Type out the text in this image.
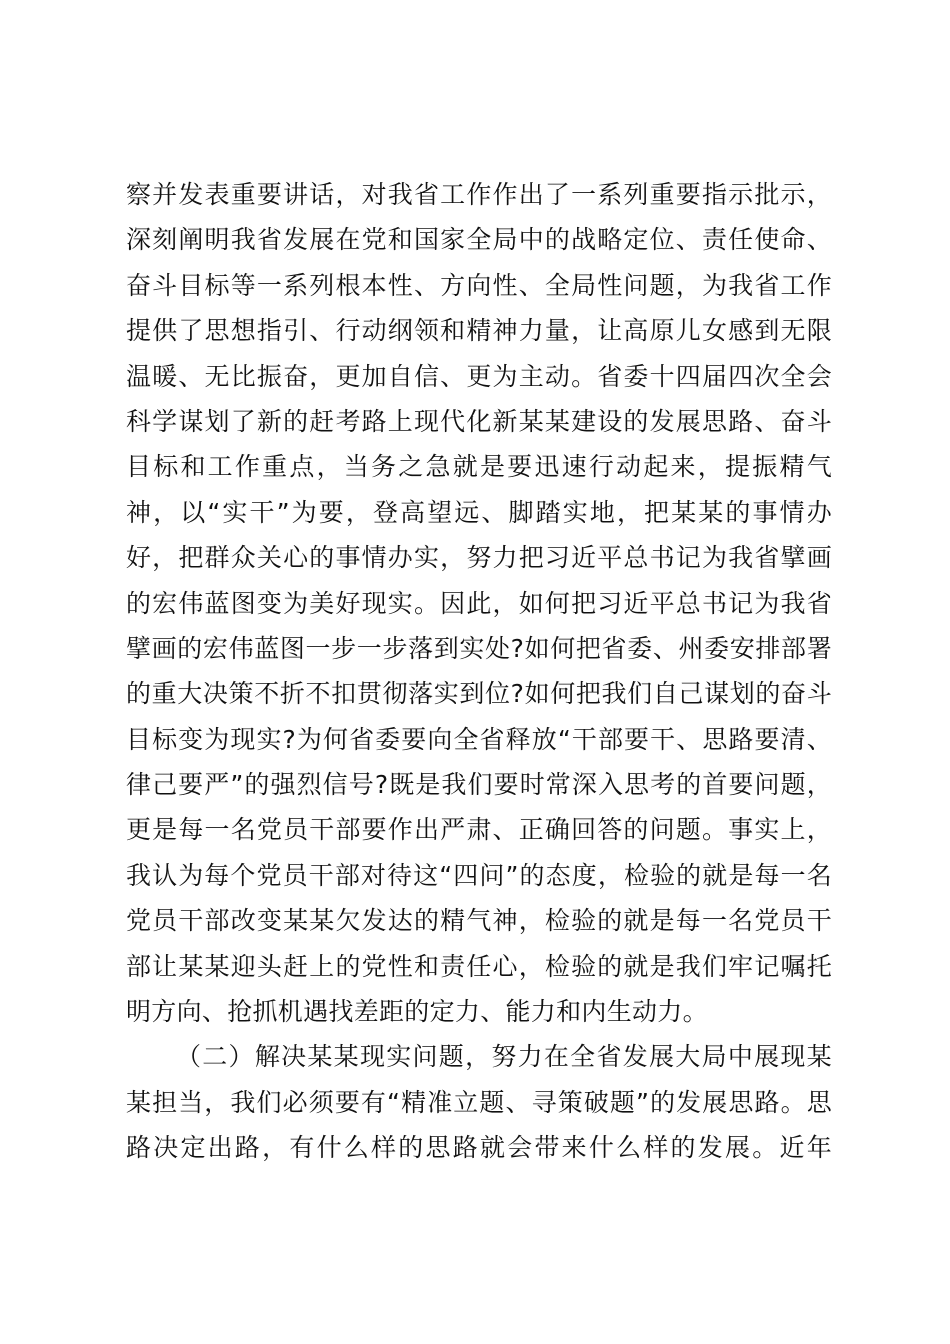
察并发表重要讲话，对我省工作作出了一系列重要指示批示，
深刻阐明我省发展在党和国家全局中的战略定位、责任使命、
奋斗目标等一系列根本性、方向性、全局性问题，为我省工作
提供了思想指引、行动纲领和精神力量，让高原儿女感到无限
温暖、无比振奋，更加自信、更为主动。省委十四届四次全会
科学谋划了新的赶考路上现代化新某某建设的发展思路、奋斗
目标和工作重点，当务之急就是要迅速行动起来，提振精气
神，以“实干”为要，登高望远、脚踏实地，把某某的事情办
好，把群众关心的事情办实，努力把习近平总书记为我省擘画
的宏伟蓝图变为美好现实。因此，如何把习近平总书记为我省
擘画的宏伟蓝图一步一步落到实处?如何把省委、州委安排部署
的重大决策不折不扣贯彻落实到位?如何把我们自己谋划的奋斗
目标变为现实?为何省委要向全省释放“干部要干、思路要清、
律己要严”的强烈信号?既是我们要时常深入思考的首要问题，
更是每一名党员干部要作出严肃、正确回答的问题。事实上，
我认为每个党员干部对待这“四问”的态度，检验的就是每一名
党员干部改变某某欠发达的精气神，检验的就是每一名党员干
部让某某迎头赶上的党性和责任心，检验的就是我们牢记嘱托
明方向、抢抓机遇找差距的定力、能力和内生动力。
（二）解决某某现实问题，努力在全省发展大局中展现某
某担当，我们必须要有“精准立题、寻策破题”的发展思路。思
路决定出路，有什么样的思路就会带来什么样的发展。近年
